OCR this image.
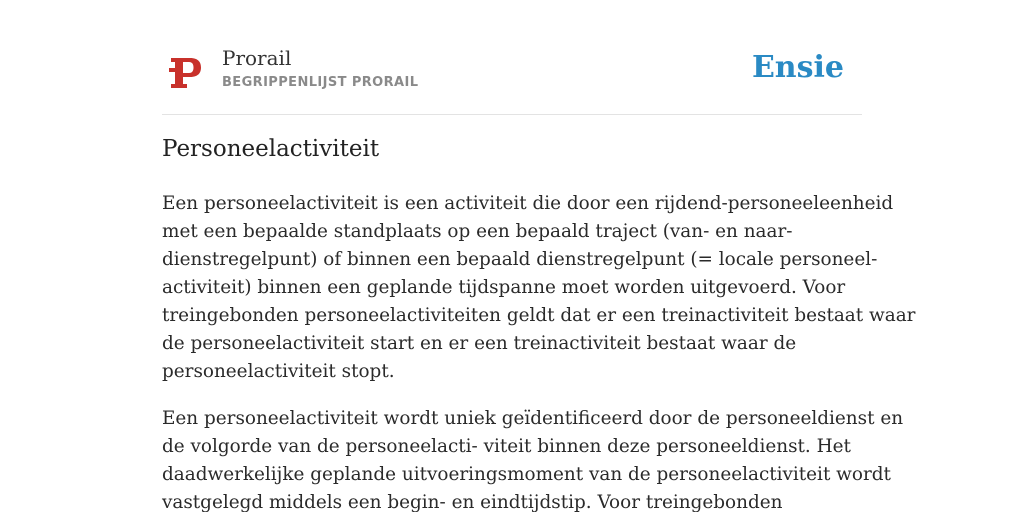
Prorail
BEGRIPPENLIJST PRORAIL	Ensie
Personeelactiviteit

Een personeelactiviteit is een activiteit die door een rijdend-personeeleenheid
met een bepaalde standplaats op een bepaald traject (van- en naar-
dienstregelpunt) of binnen een bepaald dienstregelpunt (= locale personeel-
activiteit) binnen een geplande tijdspanne moet worden uitgevoerd. Voor
treingebonden personeelactiviteiten geldt dat er een treinactiviteit bestaat waar
de personeelactiviteit start en er een treinactiviteit bestaat waar de
personeelactiviteit stopt.

Een personeelactiviteit wordt uniek geïdentificeerd door de personeeldienst en
de volgorde van de personeelacti- viteit binnen deze personeeldienst. Het
daadwerkelijke geplande uitvoeringsmoment van de personeelactiviteit wordt
vastgelegd middels een begin- en eindtijdstip. Voor treingebonden
